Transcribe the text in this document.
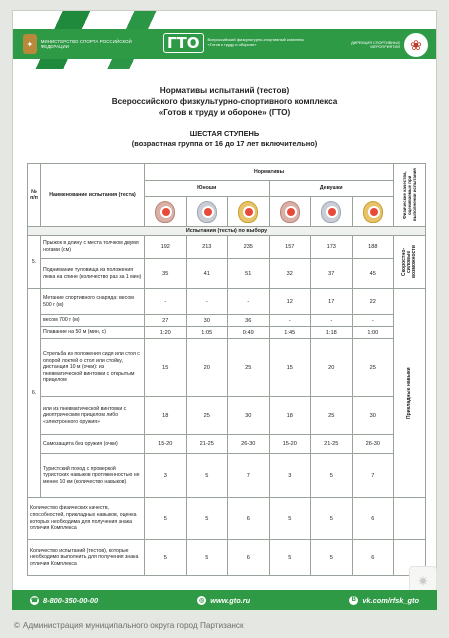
✦	МИНИСТЕРСТВО СПОРТА РОССИЙСКОЙ ФЕДЕРАЦИИ	ГТО	Всероссийский физкультурно-спортивный комплекс «Готов к труду и обороне»	ДИРЕКЦИЯ СПОРТИВНЫХ МЕРОПРИЯТИЙ ❀
Нормативы испытаний (тестов)
Всероссийского физкультурно-спортивного комплекса
«Готов к труду и обороне» (ГТО)
ШЕСТАЯ СТУПЕНЬ
(возрастная группа от 16 до 17 лет включительно)
№ п/п	Наименование испытания (теста)	Нормативы						Физические качества, оцениваемые при выполнении испытания

		Юноши			Девушки			

Испытания (тесты) по выбору								
5.	Прыжок в длину с места толчком двумя ногами (см)	192	213	235	157	173	188	Скоростно-силовые возможности

	Поднимание туловища из положения лежа на спине (количество раз за 1 мин)	35	41	51	32	37	45	
6.	Метание спортивного снаряда: весом 500 г (м)	-	-	-	12	17	22	Прикладные навыки

	весом 700 г (м)	27	30	36	-	-	-	
	Плавание на 50 м (мин, с)	1:20	1:05	0:49	1:45	1:18	1:00	
	Стрельба из положения сидя или стоя с опорой локтей о стол или стойку, дистанция 10 м (очки): из пневматической винтовки с открытым прицелом	15	20	25	15	20	25	
	или из пневматической винтовки с диоптрическим прицелом либо «электронного оружия»	18	25	30	18	25	30	
	Самозащита без оружия (очки)	15-20	21-25	26-30	15-20	21-25	26-30	
	Туристский поход с проверкой туристских навыков протяженностью не менее 10 км (количество навыков)	3	5	7	3	5	7	
Количество физических качеств, способностей, прикладных навыков, оценка которых необходима для получения знака отличия Комплекса		5	5	6	5	5	6	
Количество испытаний (тестов), которые необходимо выполнить для получения знака отличия Комплекса		5	5	6	5	5	6	
✷
☎ 8-800-350-00-00	◎ www.gto.ru	В vk.com/rfsk_gto
© Администрация муниципального округа город Партизанск
